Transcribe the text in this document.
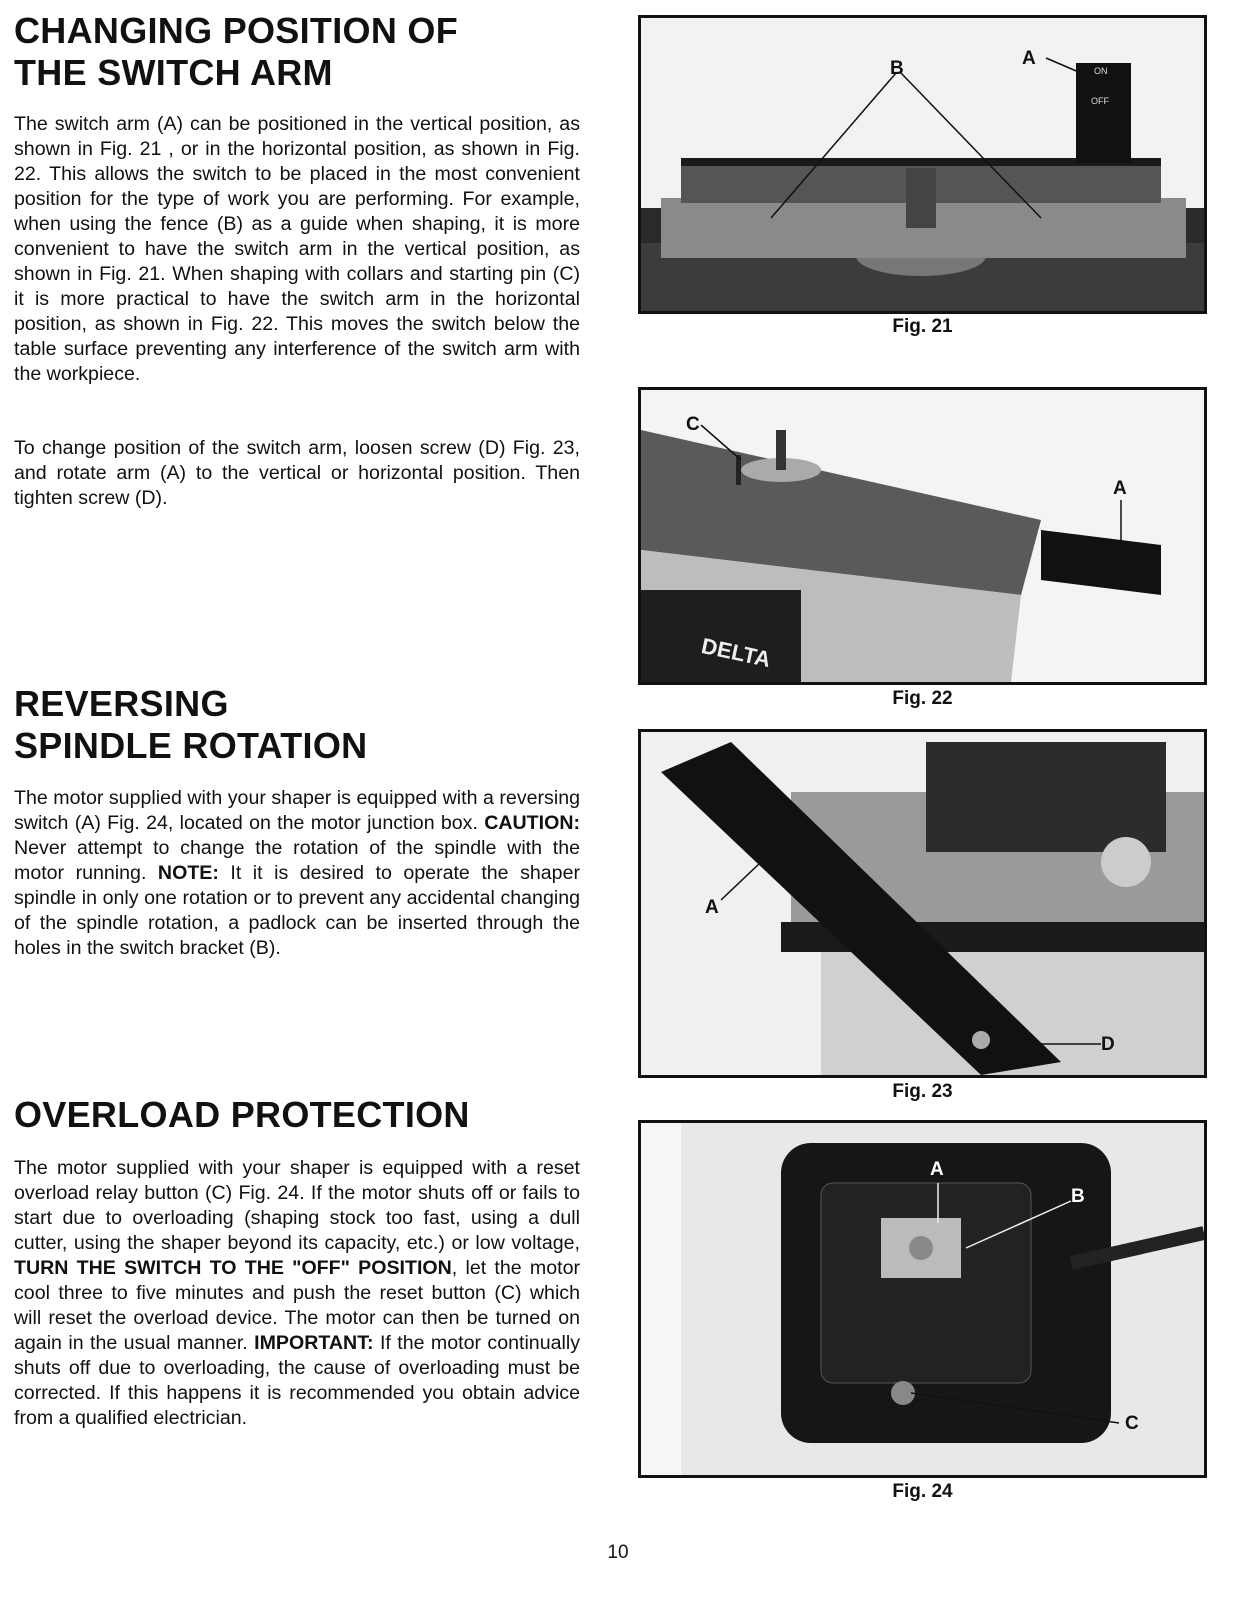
CHANGING POSITION OF
THE SWITCH ARM

The switch arm (A) can be positioned in the vertical position, as shown in Fig. 21 , or in the horizontal position, as shown in Fig. 22. This allows the switch to be placed in the most convenient position for the type of work you are performing. For example, when using the fence (B) as a guide when shaping, it is more convenient to have the switch arm in the vertical position, as shown in Fig. 21. When shaping with collars and starting pin (C) it is more practical to have the switch arm in the horizontal position, as shown in Fig. 22. This moves the switch below the table surface preventing any interference of the switch arm with the workpiece.

To change position of the switch arm, loosen screw (D) Fig. 23, and rotate arm (A) to the vertical or horizontal position. Then tighten screw (D).

REVERSING
SPINDLE ROTATION

The motor supplied with your shaper is equipped with a reversing switch (A) Fig. 24, located on the motor junction box. CAUTION: Never attempt to change the rotation of the spindle with the motor running. NOTE: It it is desired to operate the shaper spindle in only one rotation or to prevent any accidental changing of the spindle rotation, a padlock can be inserted through the holes in the switch bracket (B).

OVERLOAD PROTECTION

The motor supplied with your shaper is equipped with a reset overload relay button (C) Fig. 24. If the motor shuts off or fails to start due to overloading (shaping stock too fast, using a dull cutter, using the shaper beyond its capacity, etc.) or low voltage, TURN THE SWITCH TO THE "OFF" POSITION, let the motor cool three to five minutes and push the reset button (C) which will reset the overload device. The motor can then be turned on again in the usual manner. IMPORTANT: If the motor continually shuts off due to overloading, the cause of overloading must be corrected. If this happens it is recommended you obtain advice from a qualified electrician.

B	A
ON
OFF
Fig. 21
C
A
DELTA
Fig. 22
A
D
Fig. 23
A
B
C
Fig. 24
10
